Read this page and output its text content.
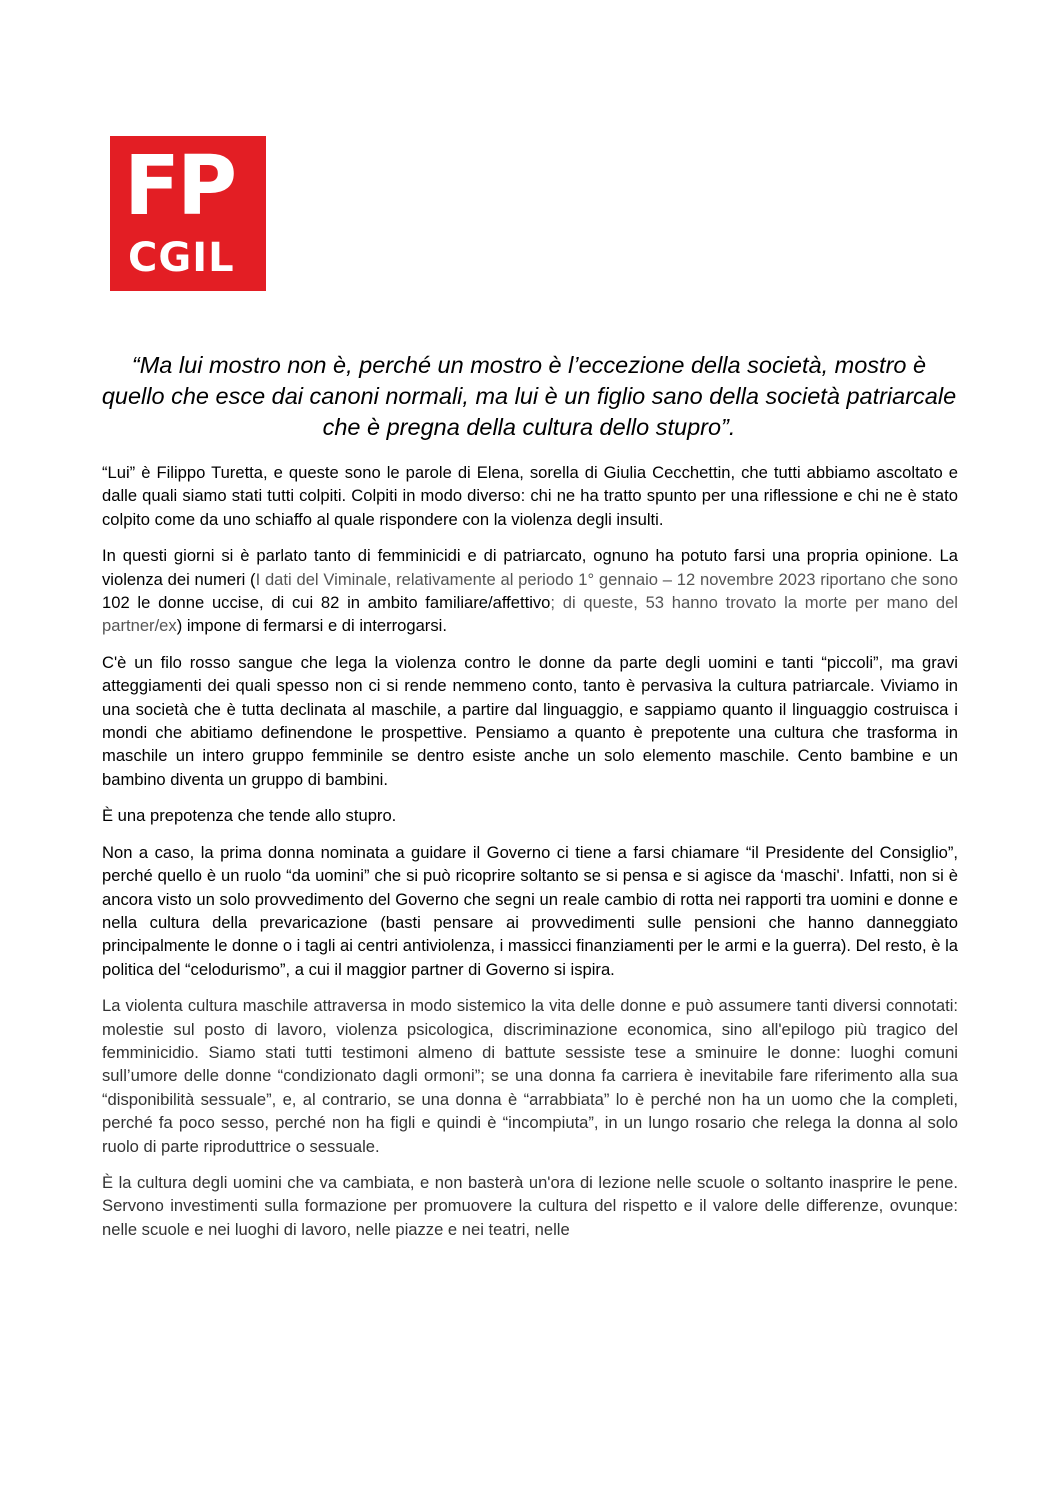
FP
CGIL

“Ma lui mostro non è, perché un mostro è l’eccezione della società, mostro è quello che esce dai canoni normali, ma lui è un figlio sano della società patriarcale che è pregna della cultura dello stupro”.

“Lui” è Filippo Turetta, e queste sono le parole di Elena, sorella di Giulia Cecchettin, che tutti abbiamo ascoltato e dalle quali siamo stati tutti colpiti. Colpiti in modo diverso: chi ne ha tratto spunto per una riflessione e chi ne è stato colpito come da uno schiaffo al quale rispondere con la violenza degli insulti.

In questi giorni si è parlato tanto di femminicidi e di patriarcato, ognuno ha potuto farsi una propria opinione. La violenza dei numeri (I dati del Viminale, relativamente al periodo 1° gennaio – 12 novembre 2023 riportano che sono 102 le donne uccise, di cui 82 in ambito familiare/affettivo; di queste, 53 hanno trovato la morte per mano del partner/ex) impone di fermarsi e di interrogarsi.

C'è un filo rosso sangue che lega la violenza contro le donne da parte degli uomini e tanti “piccoli”, ma gravi atteggiamenti dei quali spesso non ci si rende nemmeno conto, tanto è pervasiva la cultura patriarcale. Viviamo in una società che è tutta declinata al maschile, a partire dal linguaggio, e sappiamo quanto il linguaggio costruisca i mondi che abitiamo definendone le prospettive. Pensiamo a quanto è prepotente una cultura che trasforma in maschile un intero gruppo femminile se dentro esiste anche un solo elemento maschile. Cento bambine e un bambino diventa un gruppo di bambini.

È una prepotenza che tende allo stupro.

Non a caso, la prima donna nominata a guidare il Governo ci tiene a farsi chiamare “il Presidente del Consiglio”, perché quello è un ruolo “da uomini” che si può ricoprire soltanto se si pensa e si agisce da ‘maschi'. Infatti, non si è ancora visto un solo provvedimento del Governo che segni un reale cambio di rotta nei rapporti tra uomini e donne e nella cultura della prevaricazione (basti pensare ai provvedimenti sulle pensioni che hanno danneggiato principalmente le donne o i tagli ai centri antiviolenza, i massicci finanziamenti per le armi e la guerra). Del resto, è la politica del “celodurismo”, a cui il maggior partner di Governo si ispira.

La violenta cultura maschile attraversa in modo sistemico la vita delle donne e può assumere tanti diversi connotati: molestie sul posto di lavoro, violenza psicologica, discriminazione economica, sino all'epilogo più tragico del femminicidio. Siamo stati tutti testimoni almeno di battute sessiste tese a sminuire le donne: luoghi comuni sull’umore delle donne “condizionato dagli ormoni”; se una donna fa carriera è inevitabile fare riferimento alla sua “disponibilità sessuale”, e, al contrario, se una donna è “arrabbiata” lo è perché non ha un uomo che la completi, perché fa poco sesso, perché non ha figli e quindi è “incompiuta”, in un lungo rosario che relega la donna al solo ruolo di parte riproduttrice o sessuale.

È la cultura degli uomini che va cambiata, e non basterà un'ora di lezione nelle scuole o soltanto inasprire le pene. Servono investimenti sulla formazione per promuovere la cultura del rispetto e il valore delle differenze, ovunque: nelle scuole e nei luoghi di lavoro, nelle piazze e nei teatri, nelle
